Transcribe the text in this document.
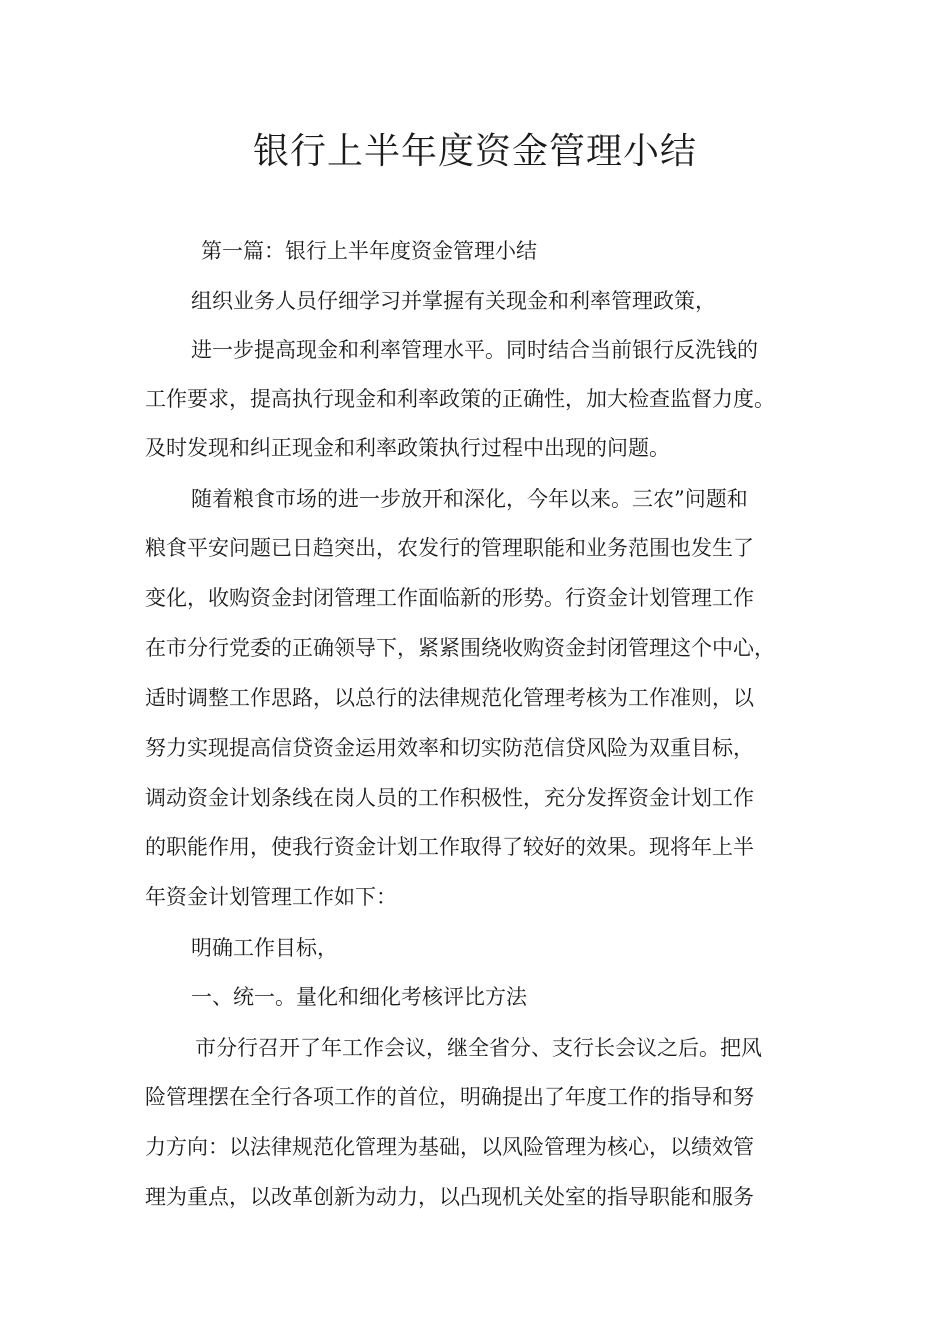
银行上半年度资金管理小结

第一篇：银行上半年度资金管理小结

组织业务人员仔细学习并掌握有关现金和利率管理政策，

进一步提高现金和利率管理水平。同时结合当前银行反洗钱的

工作要求，提高执行现金和利率政策的正确性，加大检查监督力度。

及时发现和纠正现金和利率政策执行过程中出现的问题。

随着粮食市场的进一步放开和深化，今年以来。三农”问题和

粮食平安问题已日趋突出，农发行的管理职能和业务范围也发生了

变化，收购资金封闭管理工作面临新的形势。行资金计划管理工作

在市分行党委的正确领导下，紧紧围绕收购资金封闭管理这个中心，

适时调整工作思路，以总行的法律规范化管理考核为工作准则，以

努力实现提高信贷资金运用效率和切实防范信贷风险为双重目标，

调动资金计划条线在岗人员的工作积极性，充分发挥资金计划工作

的职能作用，使我行资金计划工作取得了较好的效果。现将年上半

年资金计划管理工作如下：

明确工作目标，

一、统一。量化和细化考核评比方法

市分行召开了年工作会议，继全省分、支行长会议之后。把风

险管理摆在全行各项工作的首位，明确提出了年度工作的指导和努

力方向：以法律规范化管理为基础，以风险管理为核心，以绩效管

理为重点，以改革创新为动力，以凸现机关处室的指导职能和服务
